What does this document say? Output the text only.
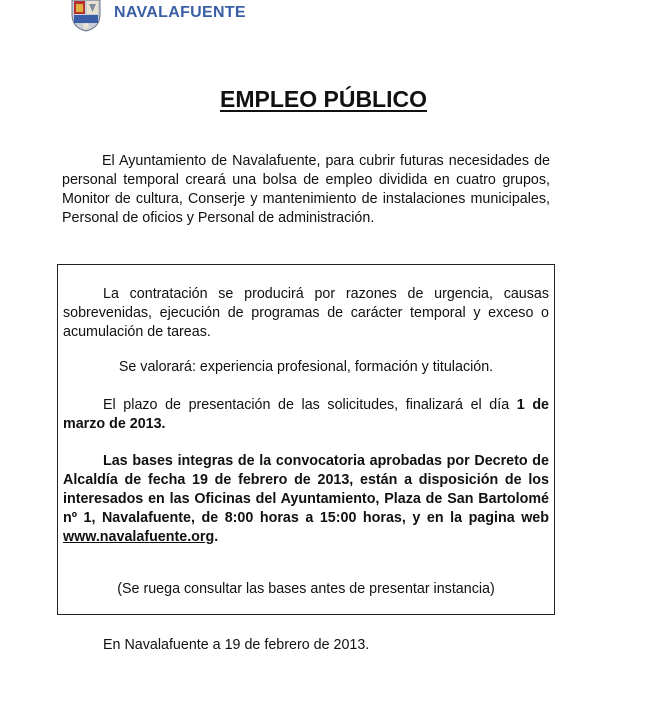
NAVALAFUENTE
EMPLEO PÚBLICO

El Ayuntamiento de Navalafuente, para cubrir futuras necesidades de personal temporal creará una bolsa de empleo dividida en cuatro grupos, Monitor de cultura, Conserje y mantenimiento de instalaciones municipales, Personal de oficios y Personal de administración.

La contratación se producirá por razones de urgencia, causas sobrevenidas, ejecución de programas de carácter temporal y exceso o acumulación de tareas.

Se valorará: experiencia profesional, formación y titulación.

El plazo de presentación de las solicitudes, finalizará el día 1 de marzo de 2013.

Las bases integras de la convocatoria aprobadas por Decreto de Alcaldía de fecha 19 de febrero de 2013, están a disposición de los interesados en las Oficinas del Ayuntamiento, Plaza de San Bartolomé nº 1, Navalafuente, de 8:00 horas a 15:00 horas, y en la pagina web www.navalafuente.org.

(Se ruega consultar las bases antes de presentar instancia)

En Navalafuente a 19 de febrero de 2013.
